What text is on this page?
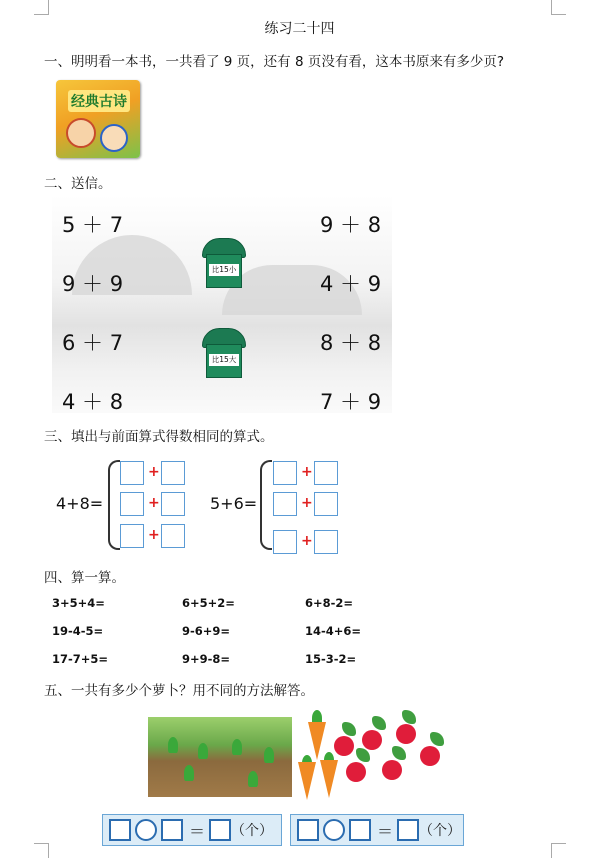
练习二十四
一、明明看一本书，一共看了 9 页，还有 8 页没有看，这本书原来有多少页?
经典古诗
二、送信。
5 ＋ 7
9 ＋ 9
6 ＋ 7
4 ＋ 8
9 ＋ 8
4 ＋ 9
8 ＋ 8
7 ＋ 9
比15小
比15大
三、填出与前面算式得数相同的算式。
4+8=
+
+
+
5+6=
+
+
+
四、算一算。
3+5+4=	6+5+2=	6+8-2=
19-4-5=	9-6+9=	14-4+6=
17-7+5=	9+9-8=	15-3-2=
五、一共有多少个萝卜？用不同的方法解答。
＝ （个）	＝ （个）
